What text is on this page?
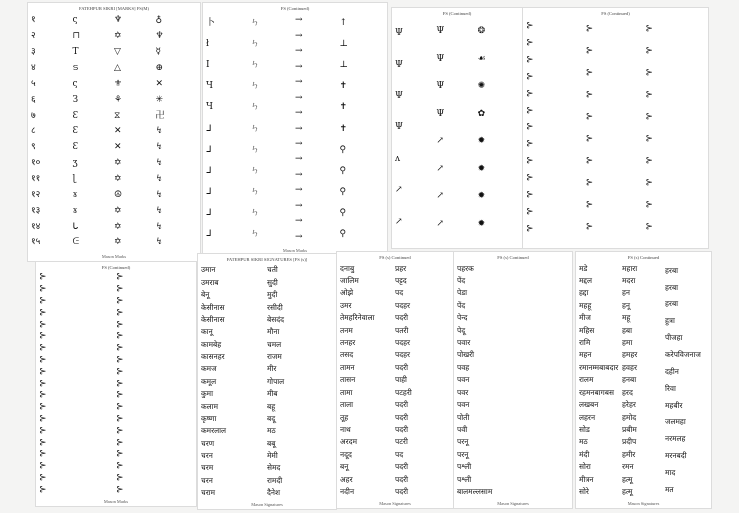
FATEHPUR SIKRI [MARKS] FS(M)
१
२
३
४
५
६
७
८
९
१०
११
१२
१३
१४
१५
ς
⊓
T
ട
ς
З
Ɛ
Ɛ
Ɛ
ʒ
ɭ
ɤ
ɤ
ᒐ
ᕮ
♆
✡
▽
△
⚜
⚘
⧖
✕
✕
✡
✡
☮
✡
✡
✡
♁
♆
☿
⊕
✕
✳
卍
↯
↯
↯
↯
↯
↯
↯
↯
Mason Marks
FS (Continued)
卜
ł
I
Ч
Ч
ᒧ
ᒧ
ᒧ
ᒧ
ᒧ
ᒧ
ㄣ
ㄣ
ㄣ
ㄣ
ㄣ
ㄣ
ㄣ
ㄣ
ㄣ
ㄣ
ㄣ
→
→
→
→
→
→
→
→
→
→
→
→
→
→
→
↑
⊥
⊥
✝
✝
✝
⚲
⚲
⚲
⚲
⚲
Mason Marks
FS (Continued)
Ψ
Ψ
Ψ
Ψ
ʌ
↗
↗
Ψ
Ψ
Ψ
Ψ
↗
↗
↗
↗
❂
☙
✺
✿
✹
✹
✹
✹
FS (Continued)
⊱
⊱
⊱
⊱
⊱
⊱
⊱
⊱
⊱
⊱
⊱
⊱
⊱
⊱
⊱
⊱
⊱
⊱
⊱
⊱
⊱
⊱
⊱
⊱
⊱
⊱
⊱
⊱
⊱
⊱
⊱
⊱
⊱
FS (Continued)
⊱
⊱
⊱
⊱
⊱
⊱
⊱
⊱
⊱
⊱
⊱
⊱
⊱
⊱
⊱
⊱
⊱
⊱
⊱
⊱
⊱
⊱
⊱
⊱
⊱
⊱
⊱
⊱
⊱
⊱
⊱
⊱
⊱
⊱
⊱
⊱
⊱
⊱
Mason Marks
FATEHPUR SIKRI SIGNATURES [FS (s)]
उमान
उमराब
बेनू
केसीनास
केसीनास
कानू
कामबेह
कासनहर
कमज
कमूल
कुमा
कलाम
कृष्णा
कमरलाल
चरण
चरन
चरम
चरन
चराम
चती
सुदी
मुदी
रसीदी
बेसदंद
मौना
चमल
राजम
मीर
गोपाल
मीब
बहू
बदू
मठ
बबू
मेमी
सेमद
रामदी
दैनेश
Mason Signatures
FS (s) Continued
दनाबु
जालिम
ओझे
उमर
तेमहरिनेवाला
तनम
तनहर
तसद
तामन
तासन
तामा
ताला
तूह
नाथ
अरदम
नदूद
बनू
अहर
नदीन
प्रहर
पट्टद
पद
पदहर
पदरी
पतरी
पदहर
पदहर
पदरी
पाही
पटहरी
पदरी
पदरी
पदरी
पटरी
पद
पदरी
पदरी
पदरी
Mason Signatures
FS (s) Continued
पहरक
पेंद
पेडा
पेंद
पेन्द
पेदू
पवार
पोखरी
पवह
पवन
पवर
पवन
पोती
पवी
परनू
परनू
पश्ली
पश्ली
बालमल्लसाम
Mason Signatures
FS (s) Continued
मडे
मद्दल
हद्दा
महहू
मीज
महिस
रामि
महन
रमानम्मबाबदार
रालम
रहमनबागबस
लखबन
लहरन
सोड
मठ
मंदी
सोरा
मीत्रन
सोरे
महारा
मदरा
हन
हनू
महू
हबा
हमा
हमहर
हवहर
हनबा
हरद
हरेहर
हमोद
प्रबीम
प्रदीप
हमीर
रमन
हत्मू
हत्मू
हरबा
हरबा
हरबा
हुत्रा
पीजहा
करेपविजनाज
दहीन
रिवा
महबीर
जलमहा
नरमलह
मरनबदी
माद
मत
Mason Signatures
